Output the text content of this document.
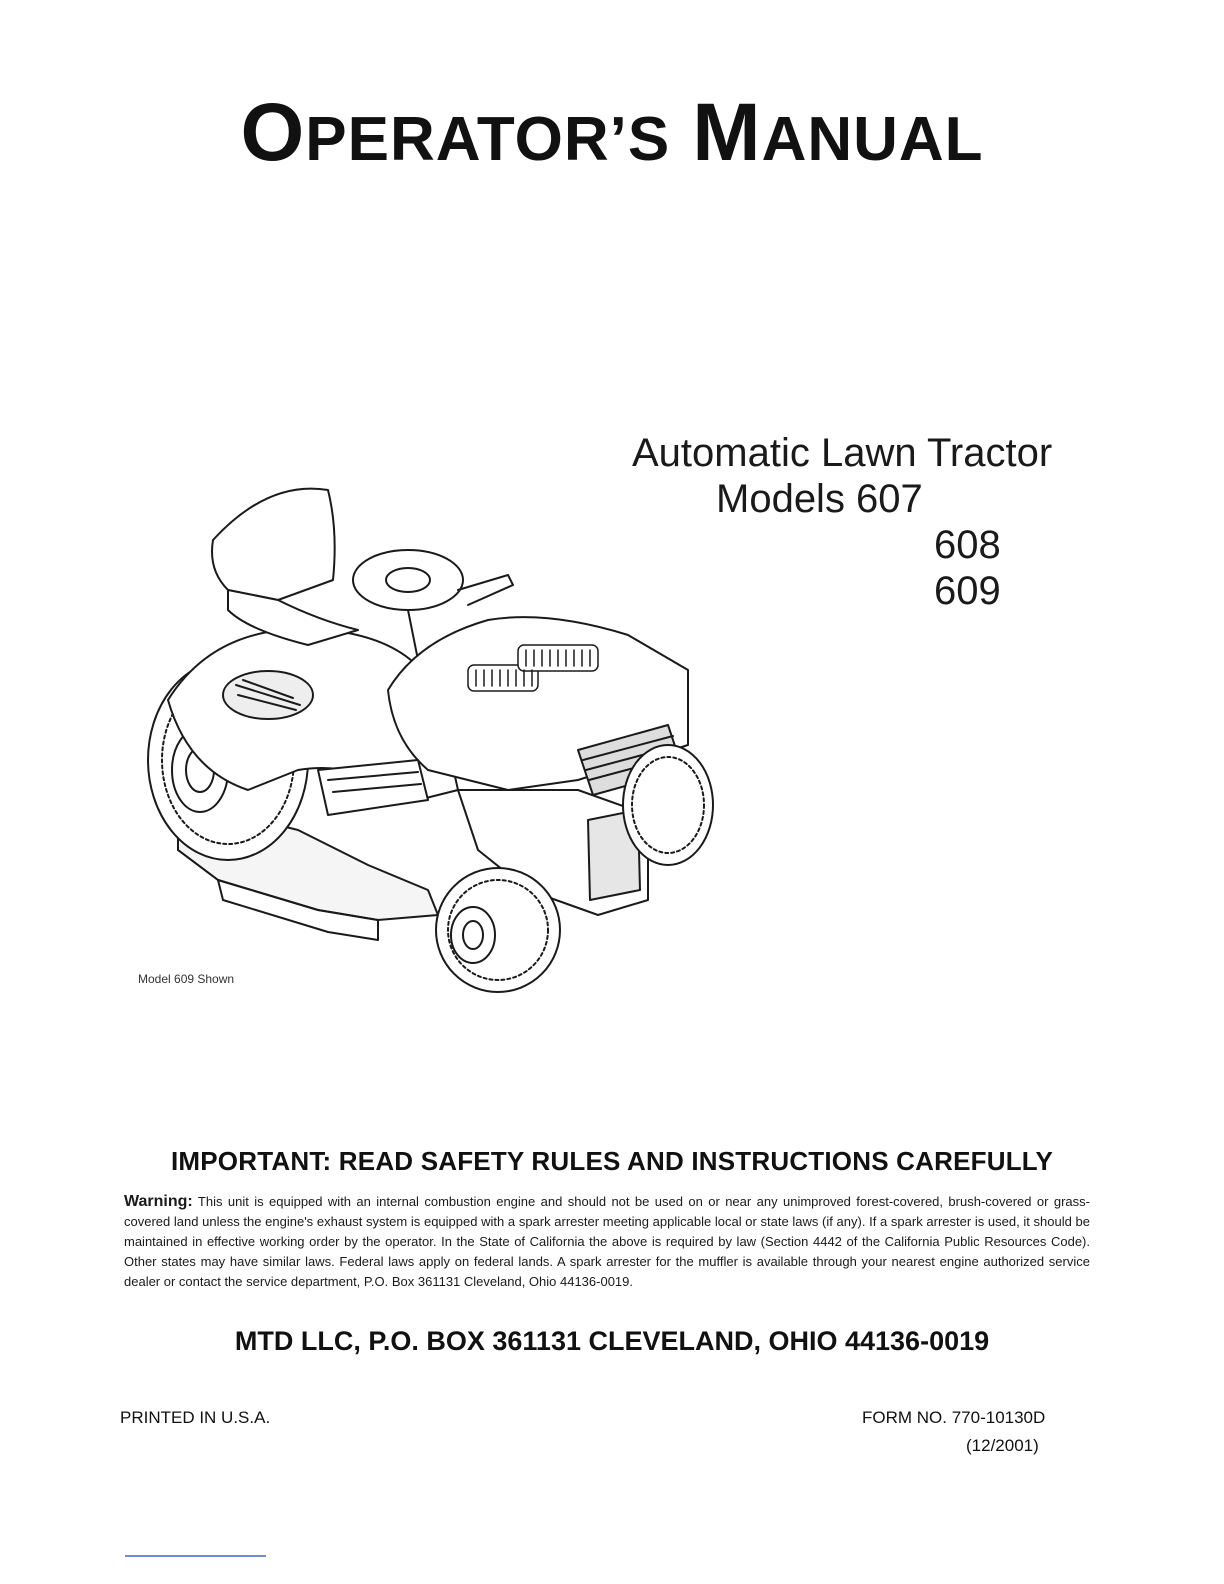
OPERATOR’S MANUAL
Automatic Lawn Tractor
Models 607
608
609
Model 609 Shown
IMPORTANT: READ SAFETY RULES AND INSTRUCTIONS CAREFULLY
Warning: This unit is equipped with an internal combustion engine and should not be used on or near any unimproved forest-covered, brush-covered or grass-covered land unless the engine's exhaust system is equipped with a spark arrester meeting applicable local or state laws (if any). If a spark arrester is used, it should be maintained in effective working order by the operator. In the State of California the above is required by law (Section 4442 of the California Public Resources Code). Other states may have similar laws. Federal laws apply on federal lands. A spark arrester for the muffler is available through your nearest engine authorized service dealer or contact the service department, P.O. Box 361131 Cleveland, Ohio 44136-0019.
MTD LLC, P.O. BOX 361131 CLEVELAND, OHIO 44136-0019
PRINTED IN U.S.A.	FORM NO. 770-10130D
(12/2001)
